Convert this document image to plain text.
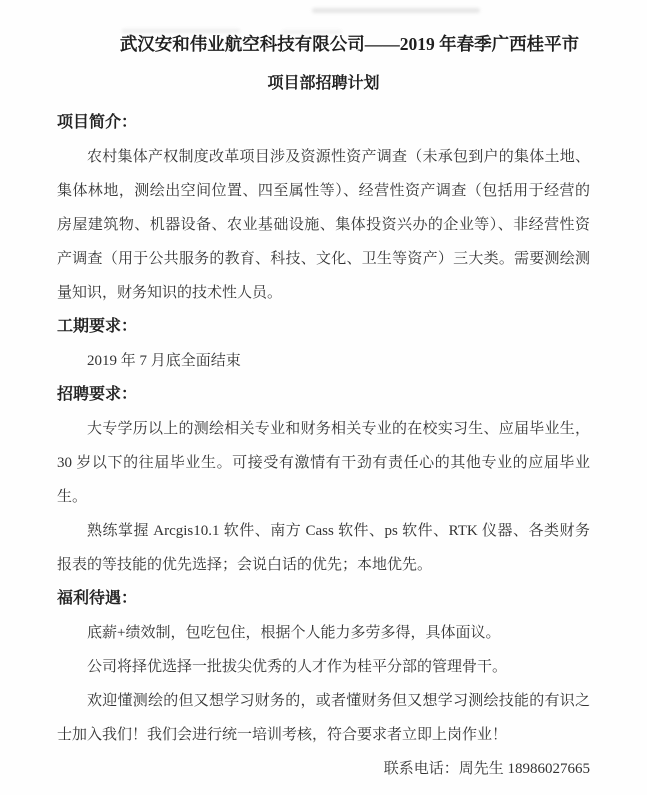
武汉安和伟业航空科技有限公司——2019 年春季广西桂平市
项目部招聘计划
项目简介：
农村集体产权制度改革项目涉及资源性资产调查（未承包到户的集体土地、
集体林地，测绘出空间位置、四至属性等）、经营性资产调查（包括用于经营的
房屋建筑物、机器设备、农业基础设施、集体投资兴办的企业等）、非经营性资
产调查（用于公共服务的教育、科技、文化、卫生等资产）三大类。需要测绘测
量知识，财务知识的技术性人员。
工期要求：
2019 年 7 月底全面结束
招聘要求：
大专学历以上的测绘相关专业和财务相关专业的在校实习生、应届毕业生，
30 岁以下的往届毕业生。可接受有激情有干劲有责任心的其他专业的应届毕业
生。
熟练掌握 Arcgis10.1 软件、南方 Cass 软件、ps 软件、RTK 仪器、各类财务
报表的等技能的优先选择；会说白话的优先；本地优先。
福利待遇：
底薪+绩效制，包吃包住，根据个人能力多劳多得，具体面议。
公司将择优选择一批拔尖优秀的人才作为桂平分部的管理骨干。
欢迎懂测绘的但又想学习财务的，或者懂财务但又想学习测绘技能的有识之
士加入我们！我们会进行统一培训考核，符合要求者立即上岗作业！
联系电话：周先生 18986027665
